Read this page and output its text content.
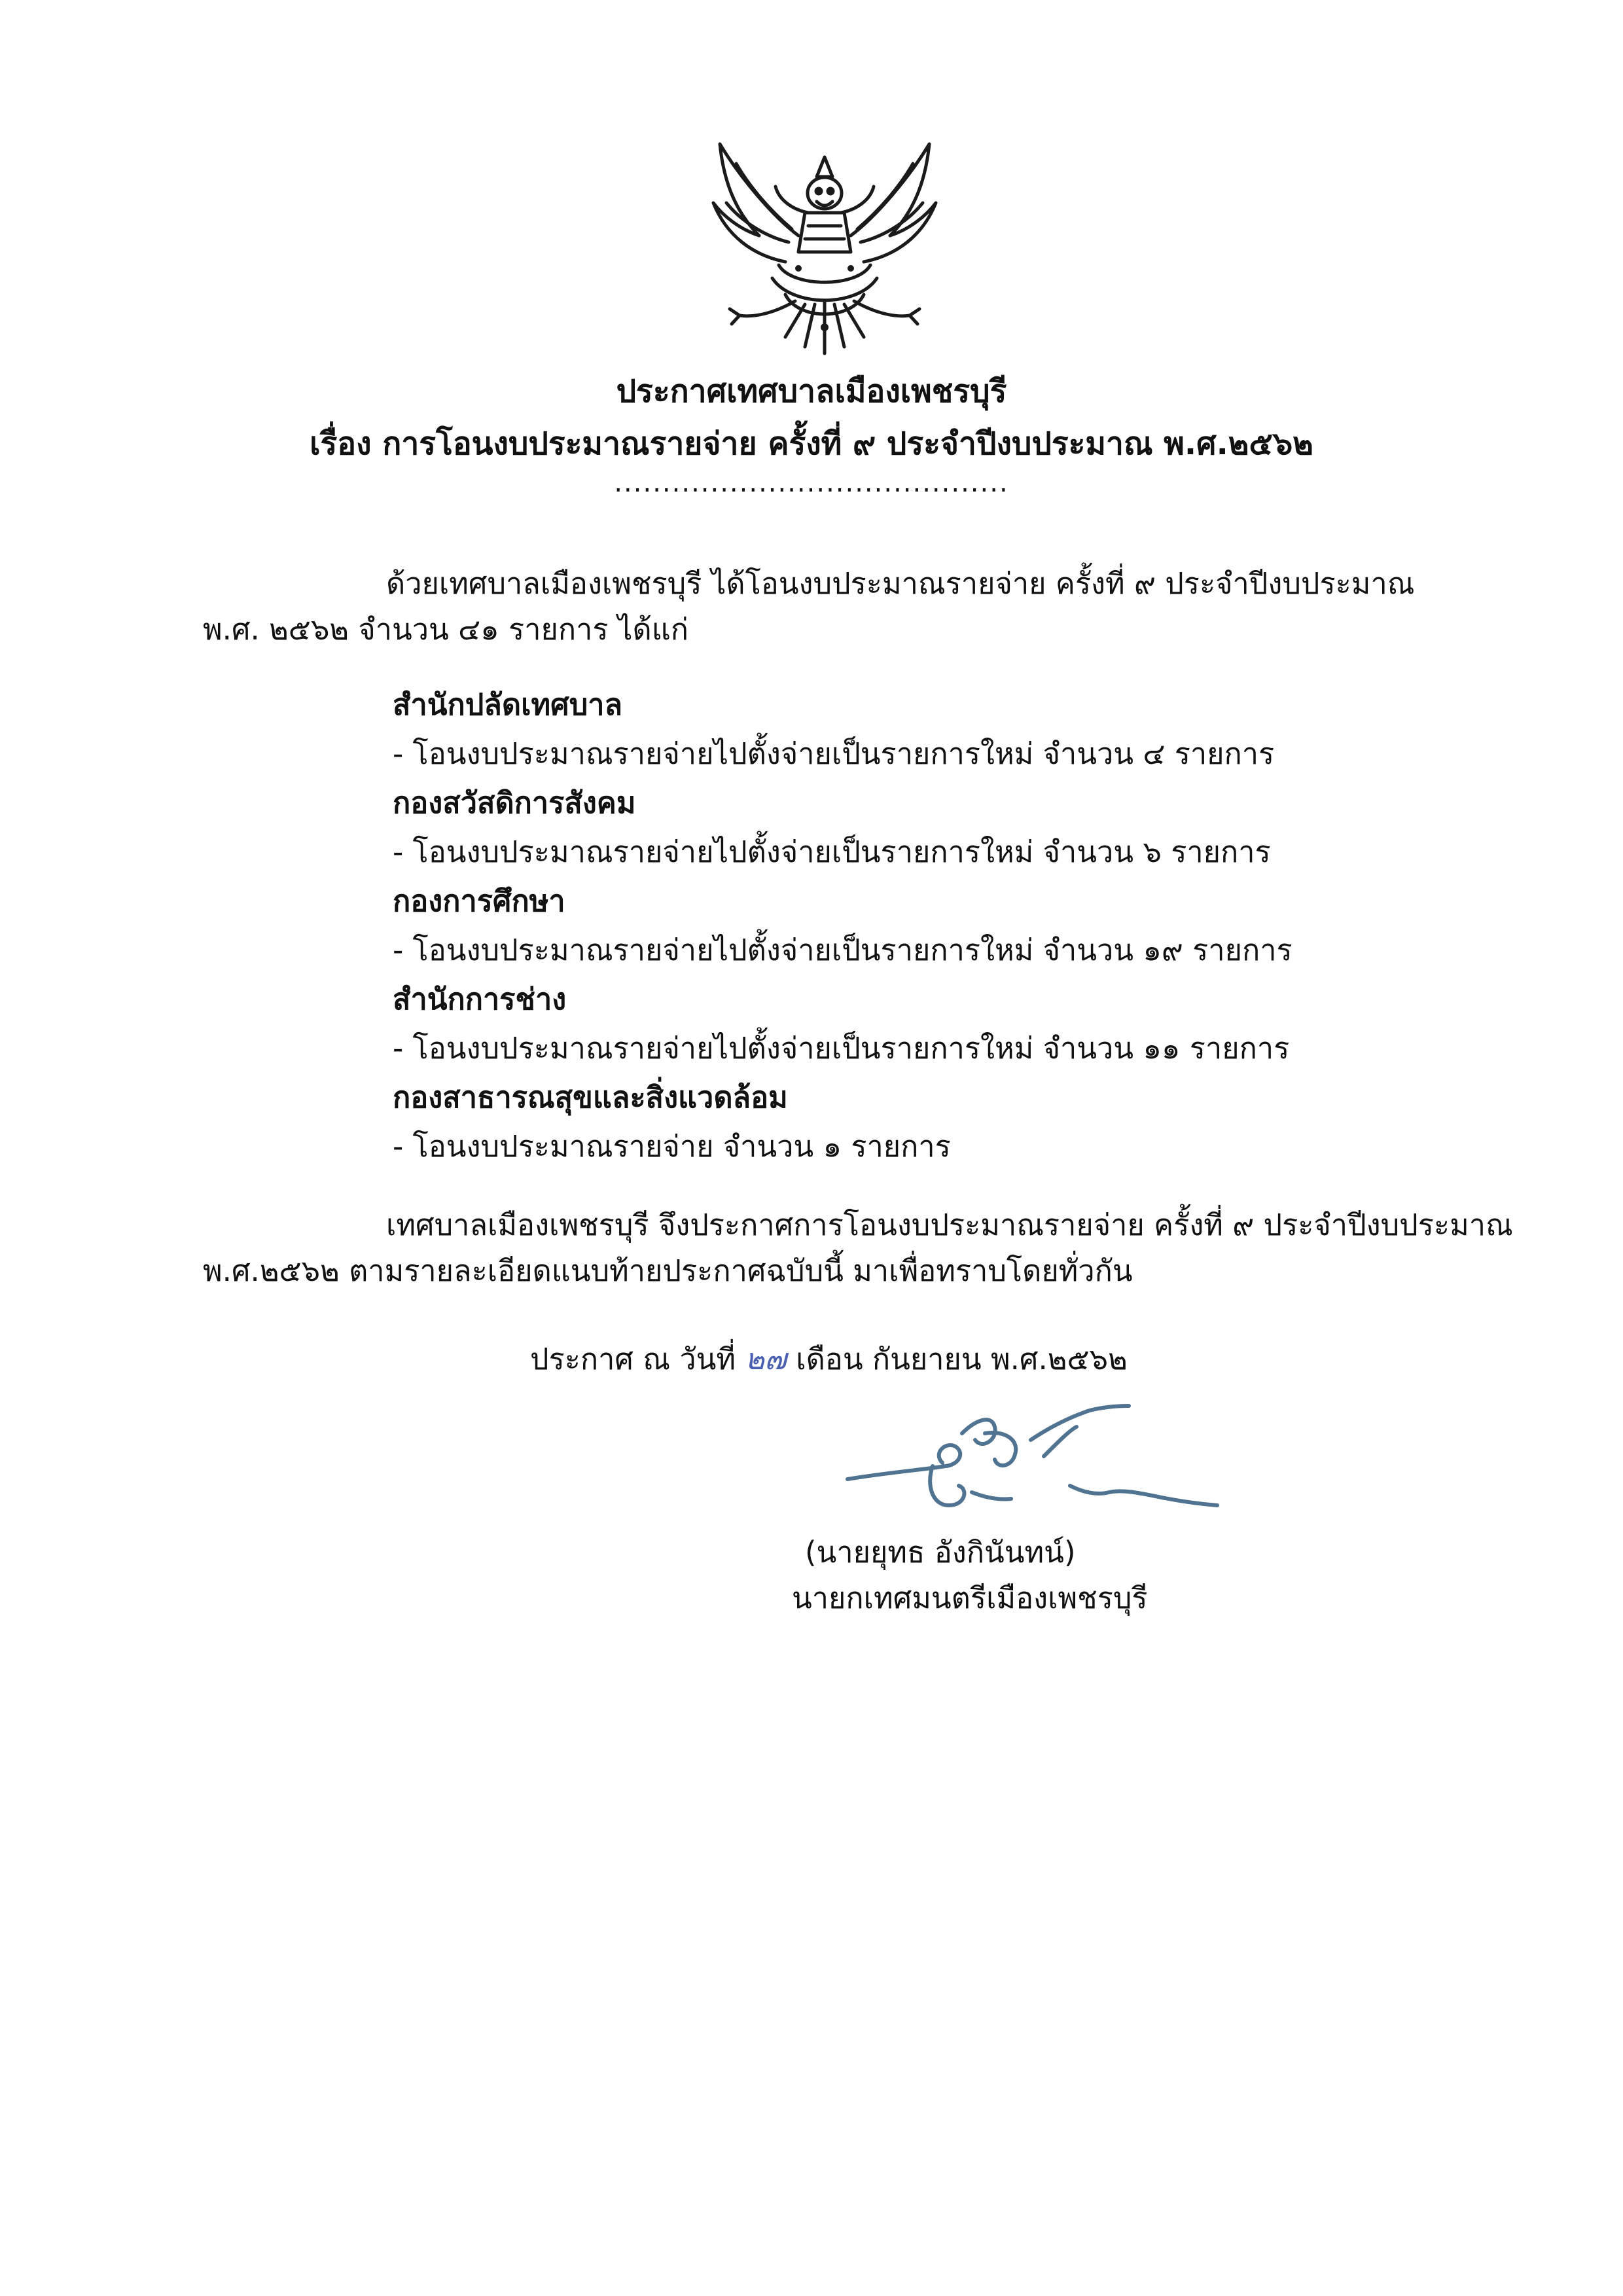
ประกาศเทศบาลเมืองเพชรบุรี
เรื่อง การโอนงบประมาณรายจ่าย ครั้งที่ ๙ ประจำปีงบประมาณ พ.ศ.๒๕๖๒
.........................................
ด้วยเทศบาลเมืองเพชรบุรี ได้โอนงบประมาณรายจ่าย ครั้งที่ ๙ ประจำปีงบประมาณ
พ.ศ. ๒๕๖๒ จำนวน ๔๑ รายการ ได้แก่
สำนักปลัดเทศบาล
- โอนงบประมาณรายจ่ายไปตั้งจ่ายเป็นรายการใหม่ จำนวน ๔ รายการ
กองสวัสดิการสังคม
- โอนงบประมาณรายจ่ายไปตั้งจ่ายเป็นรายการใหม่ จำนวน ๖ รายการ
กองการศึกษา
- โอนงบประมาณรายจ่ายไปตั้งจ่ายเป็นรายการใหม่ จำนวน ๑๙ รายการ
สำนักการช่าง
- โอนงบประมาณรายจ่ายไปตั้งจ่ายเป็นรายการใหม่ จำนวน ๑๑ รายการ
กองสาธารณสุขและสิ่งแวดล้อม
- โอนงบประมาณรายจ่าย จำนวน ๑ รายการ
เทศบาลเมืองเพชรบุรี จึงประกาศการโอนงบประมาณรายจ่าย ครั้งที่ ๙ ประจำปีงบประมาณ
พ.ศ.๒๕๖๒ ตามรายละเอียดแนบท้ายประกาศฉบับนี้ มาเพื่อทราบโดยทั่วกัน
ประกาศ ณ วันที่ ๒๗ เดือน กันยายน พ.ศ.๒๕๖๒
(นายยุทธ อังกินันทน์)
นายกเทศมนตรีเมืองเพชรบุรี
